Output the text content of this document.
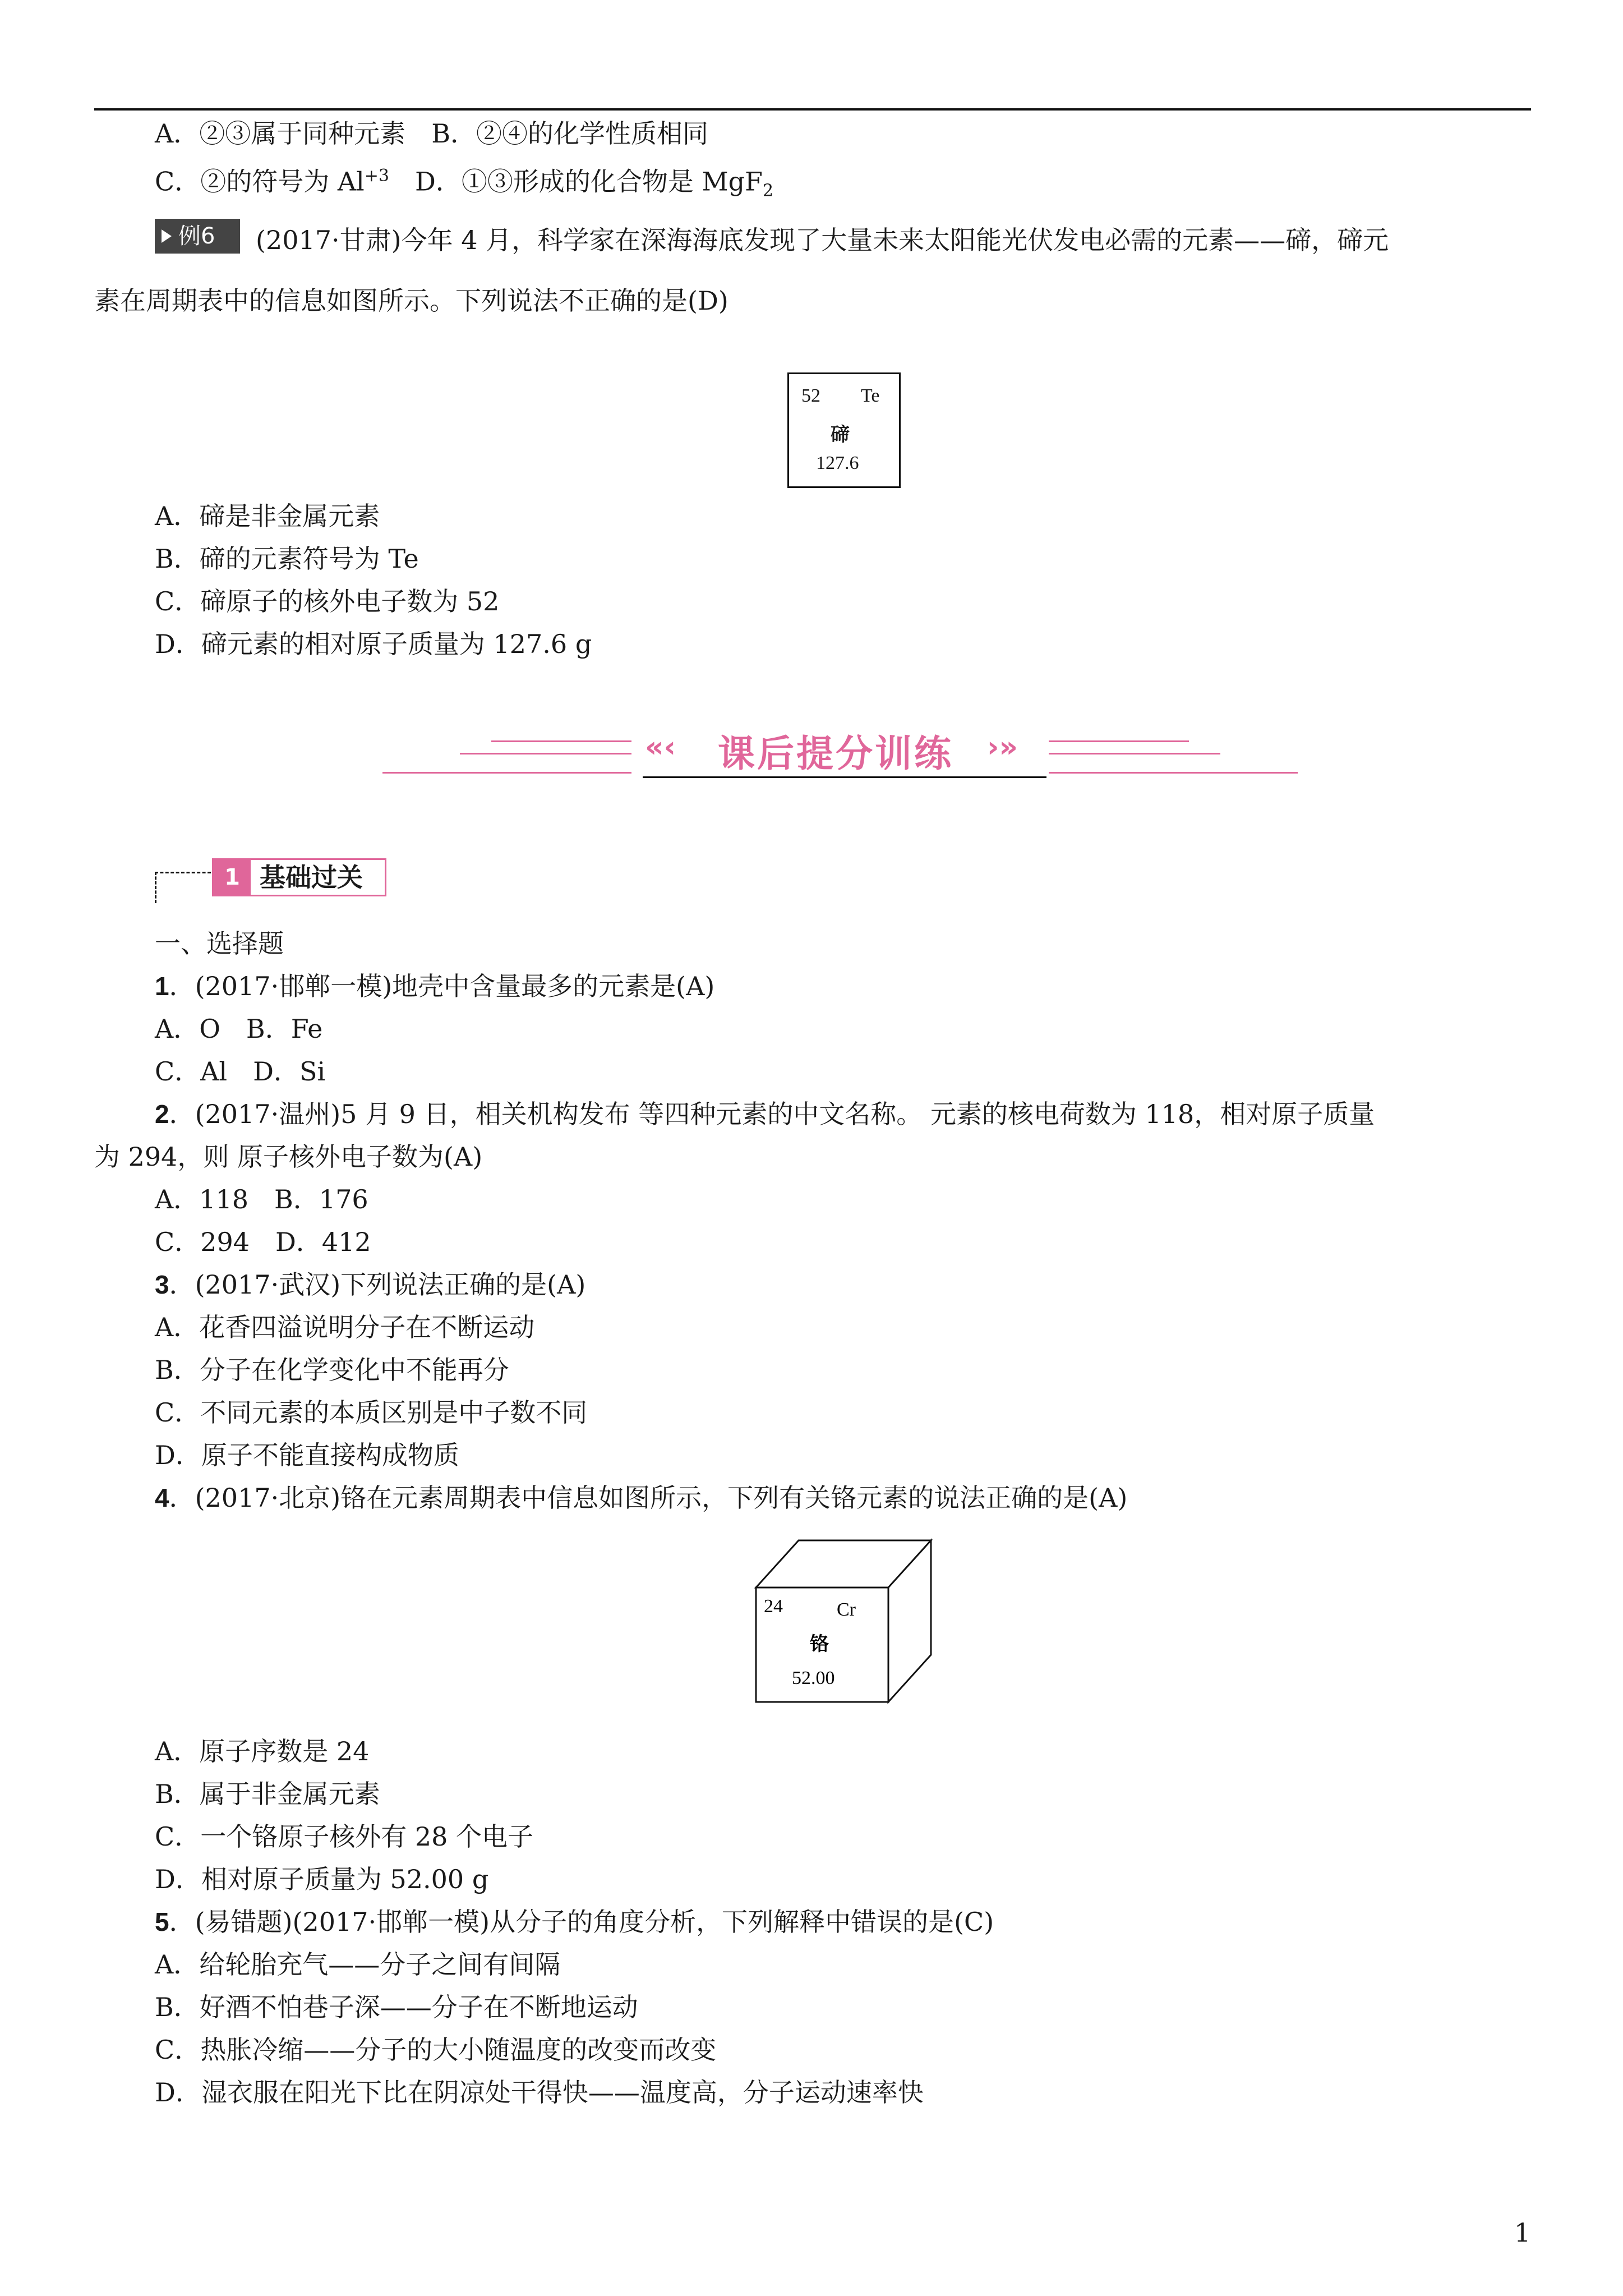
A．②③属于同种元素　B．②④的化学性质相同
C．②的符号为 $Al^{+3}$　D．①③形成的化合物是 MgF$_2$
例6 (2017·甘肃)今年 4 月，科学家在深海海底发现了大量未来太阳能光伏发电必需的元素——碲，碲元
素在周期表中的信息如图所示。下列说法不正确的是(D)
52 Te
碲
127.6
A．碲是非金属元素
B．碲的元素符号为 Te
C．碲原子的核外电子数为 52
D．碲元素的相对原子质量为 127.6 g
«‹ 课后提分训练 ›»
1 基础过关
一、选择题
1．(2017·邯郸一模)地壳中含量最多的元素是(A)
A．O　B．Fe
C．Al　D．Si
2．(2017·温州)5 月 9 日，相关机构发布 等四种元素的中文名称。 元素的核电荷数为 118，相对原子质量
为 294，则 原子核外电子数为(A)
A．118　B．176
C．294　D．412
3．(2017·武汉)下列说法正确的是(A)
A．花香四溢说明分子在不断运动
B．分子在化学变化中不能再分
C．不同元素的本质区别是中子数不同
D．原子不能直接构成物质
4．(2017·北京)铬在元素周期表中信息如图所示，下列有关铬元素的说法正确的是(A)
24	Cr
铬
52.00
A．原子序数是 24
B．属于非金属元素
C．一个铬原子核外有 28 个电子
D．相对原子质量为 52.00 g
5．(易错题)(2017·邯郸一模)从分子的角度分析，下列解释中错误的是(C)
A．给轮胎充气——分子之间有间隔
B．好酒不怕巷子深——分子在不断地运动
C．热胀冷缩——分子的大小随温度的改变而改变
D．湿衣服在阳光下比在阴凉处干得快——温度高，分子运动速率快
1
